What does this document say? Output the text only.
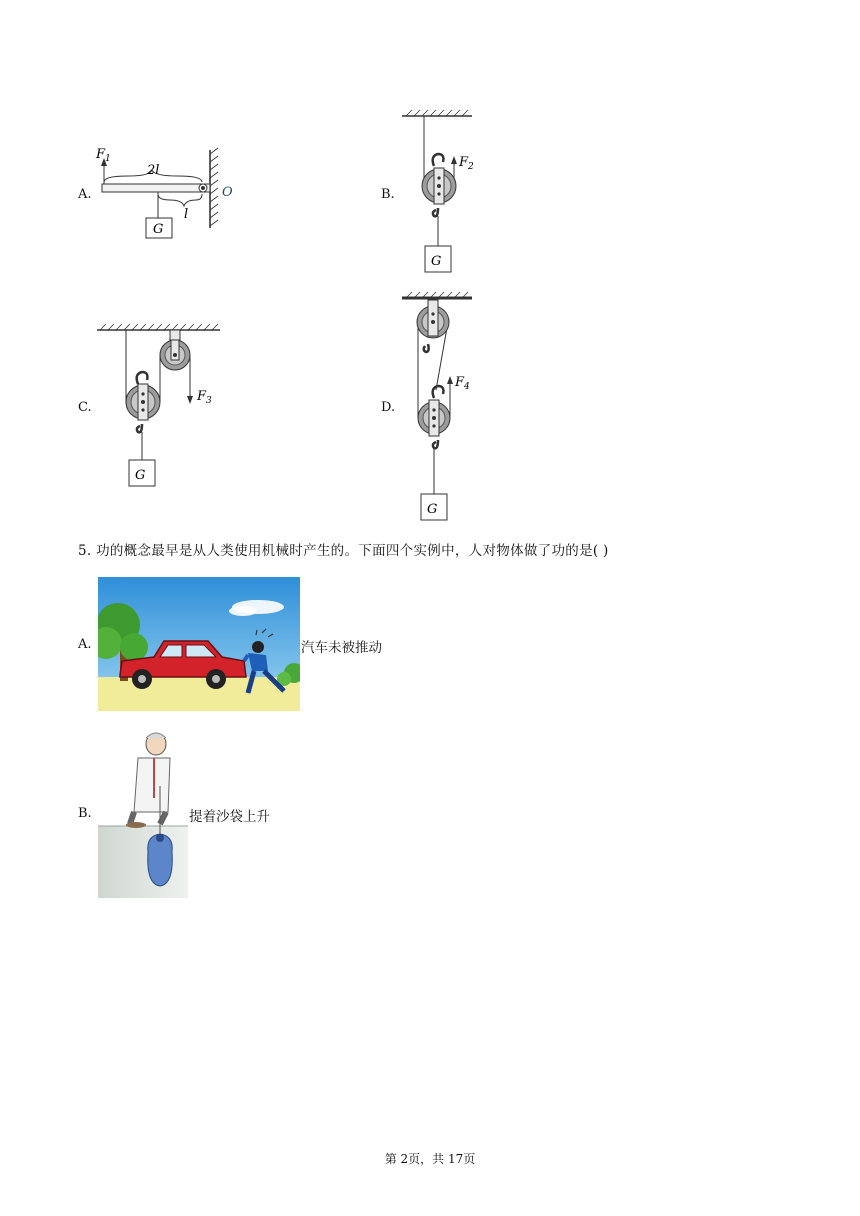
A.	B.
C.	D.
$F_1$
2l
l
O
G
$F_2$
G
$F_3$
G
$F_4$
G
5. 功的概念最早是从人类使用机械时产生的。下面四个实例中，人对物体做了功的是( )
A.	汽车未被推动
B.	提着沙袋上升
第 2页，共 17页
